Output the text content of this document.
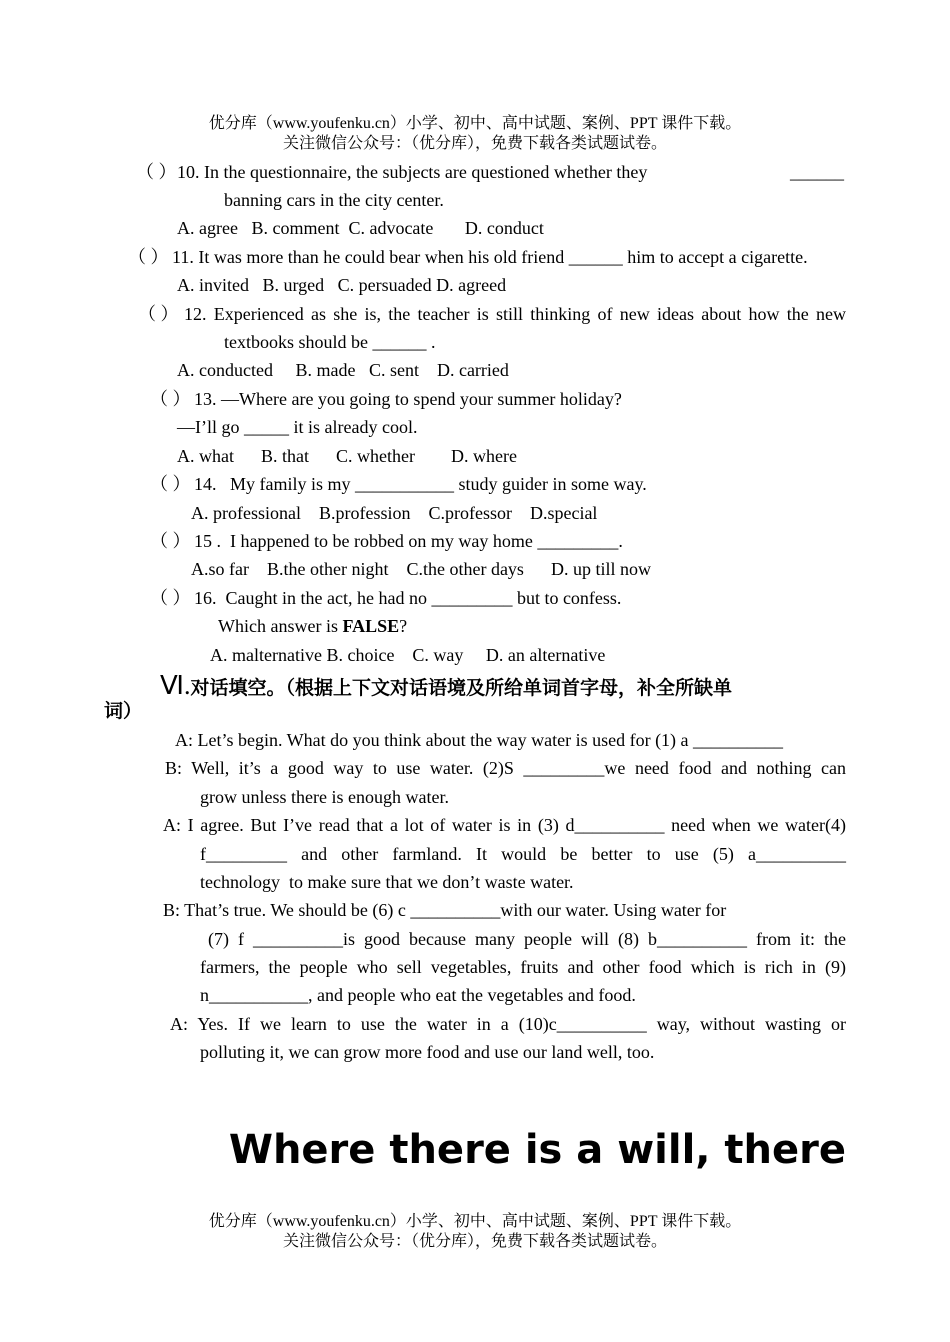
优分库（www.youfenku.cn）小学、初中、高中试题、案例、PPT 课件下载。
关注微信公众号：（优分库），免费下载各类试题试卷。
（ ） 10. In the questionnaire, the subjects are questioned whether they	______
banning cars in the city center.
A. agree   B. comment  C. advocate       D. conduct
（ ） 11. It was more than he could bear when his old friend ______ him to accept a cigarette.
A. invited   B. urged   C. persuaded D. agreed
（ ） 12. Experienced as she is, the teacher is still thinking of new ideas about how the new
textbooks should be ______ .
A. conducted     B. made   C. sent    D. carried
（ ） 13. —Where are you going to spend your summer holiday?
—I’ll go _____ it is already cool.
A. what      B. that      C. whether        D. where
（ ） 14.   My family is my ___________ study guider in some way.
A. professional    B.profession    C.professor    D.special
（ ） 15 .  I happened to be robbed on my way home _________.
A.so far    B.the other night    C.the other days      D. up till now
（ ） 16.  Caught in the act, he had no _________ but to confess.
Which answer is FALSE?
A. malternative B. choice    C. way     D. an alternative
Ⅵ.对话填空。（根据上下文对话语境及所给单词首字母，补全所缺单
词）
A: Let’s begin. What do you think about the way water is used for (1) a __________
B: Well, it’s a good way to use water. (2)S _________we need food and nothing can
grow unless there is enough water.
A: I agree. But I’ve read that a lot of water is in (3) d__________ need when we water(4)
f_________ and other farmland. It would be better to use (5) a__________
technology  to make sure that we don’t waste water.
B: That’s true. We should be (6) c __________with our water. Using water for
(7) f __________is good because many people will (8) b__________ from it: the
farmers, the people who sell vegetables, fruits and other food which is rich in (9)
n___________, and people who eat the vegetables and food.
A: Yes. If we learn to use the water in a (10)c__________ way, without wasting or
polluting it, we can grow more food and use our land well, too.
Where there is a will, there
优分库（www.youfenku.cn）小学、初中、高中试题、案例、PPT 课件下载。
关注微信公众号：（优分库），免费下载各类试题试卷。
